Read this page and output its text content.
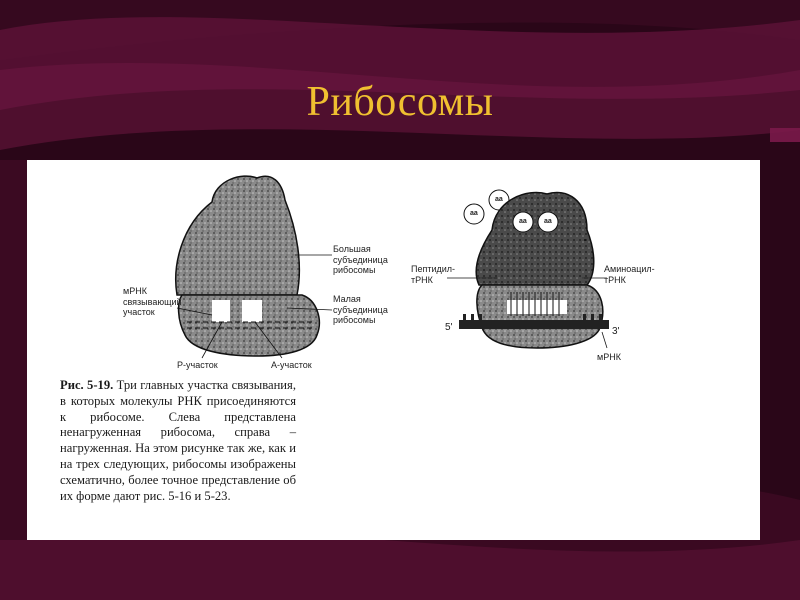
Рибосомы
Большая
субъединица
рибосомы
Малая
субъединица
рибосомы
мРНК
связывающий
участок
Р-участок	А-участок
Пептидил-
тРНК
Аминоацил-
тРНК
5'	3'
мРНК
aa
aa
aa aa
Рис. 5-19. Три главных участка связывания, в которых молекулы РНК присоединяются к рибосоме. Слева представлена ненагруженная рибосома, справа – нагруженная. На этом рисунке так же, как и на трех следующих, рибосомы изображены схематично, более точное представление об их форме дают рис. 5-16 и 5-23.
